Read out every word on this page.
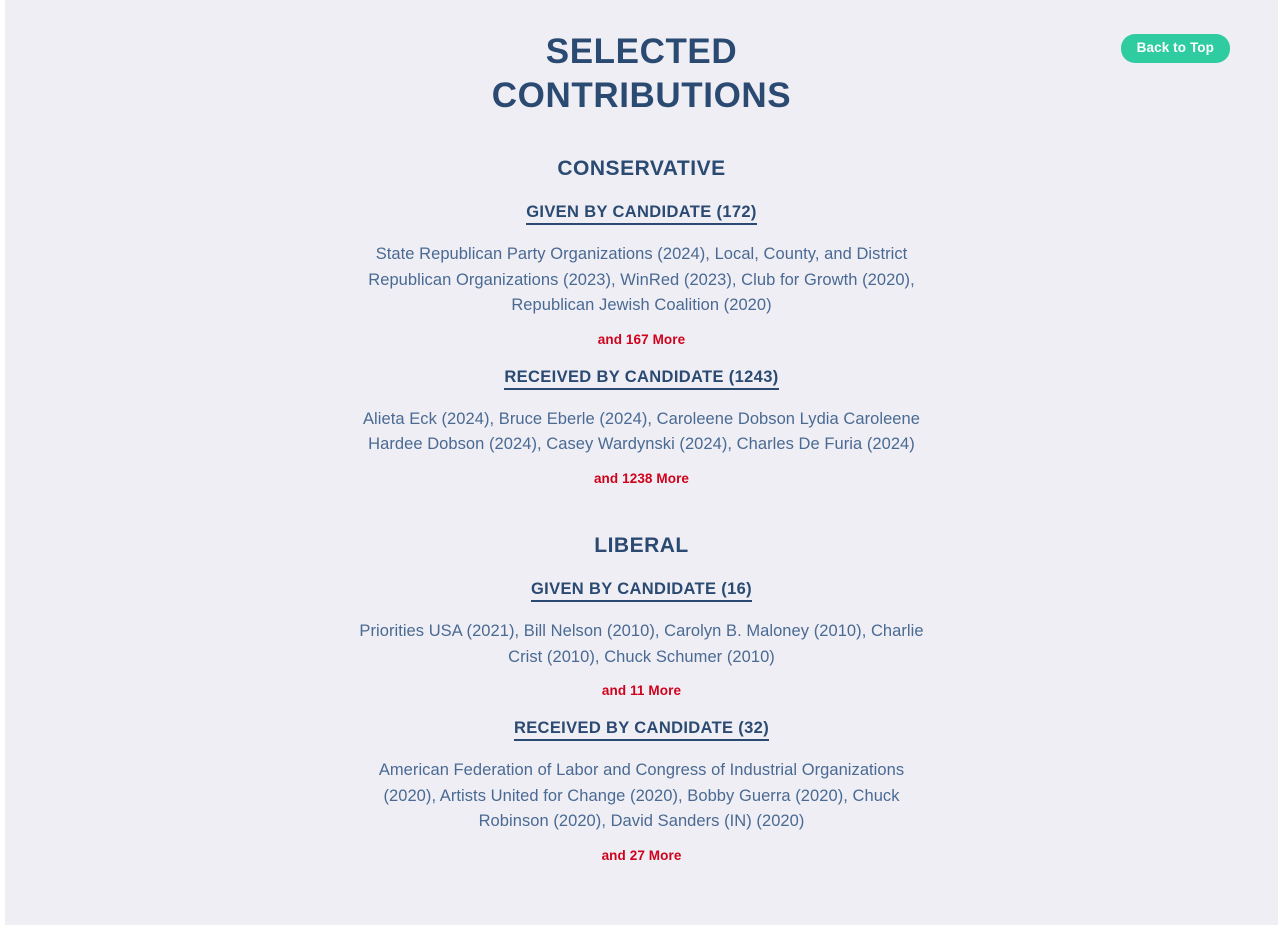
Back to Top
SELECTED CONTRIBUTIONS
CONSERVATIVE
GIVEN BY CANDIDATE (172)

State Republican Party Organizations (2024), Local, County, and District Republican Organizations (2023), WinRed (2023), Club for Growth (2020), Republican Jewish Coalition (2020)

and 167 More

RECEIVED BY CANDIDATE (1243)

Alieta Eck (2024), Bruce Eberle (2024), Caroleene Dobson Lydia Caroleene Hardee Dobson (2024), Casey Wardynski (2024), Charles De Furia (2024)

and 1238 More

LIBERAL
GIVEN BY CANDIDATE (16)

Priorities USA (2021), Bill Nelson (2010), Carolyn B. Maloney (2010), Charlie Crist (2010), Chuck Schumer (2010)

and 11 More

RECEIVED BY CANDIDATE (32)

American Federation of Labor and Congress of Industrial Organizations (2020), Artists United for Change (2020), Bobby Guerra (2020), Chuck Robinson (2020), David Sanders (IN) (2020)

and 27 More
